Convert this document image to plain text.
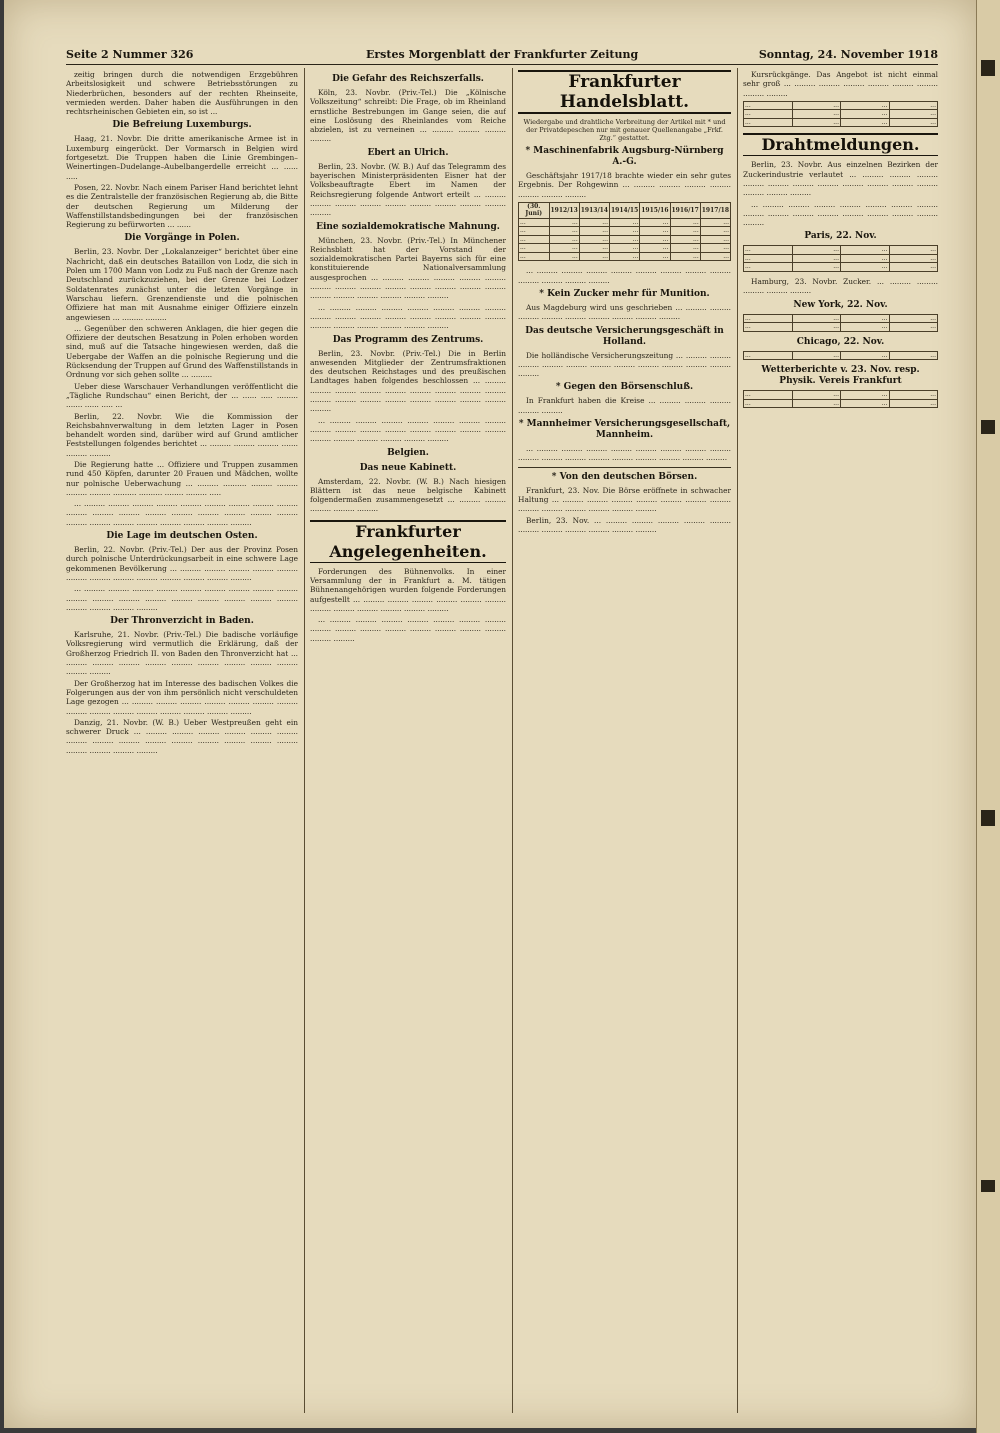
Seite 2 Nummer 326	Erstes Morgenblatt der Frankfurter Zeitung	Sonntag, 24. November 1918

zeitig bringen durch die notwendigen Erzgebühren Arbeitslosigkeit und schwere Betriebsstörungen zu Niederbrüchen, besonders auf der rechten Rheinseite, vermieden werden. Daher haben die Ausführungen in den rechtsrheinischen Gebieten ein, so ist ...

Die Befreiung Luxemburgs.

Haag, 21. Novbr. Die dritte amerikanische Armee ist in Luxemburg eingerückt. Der Vormarsch in Belgien wird fortgesetzt. Die Truppen haben die Linie Grembingen–Weinertingen–Dudelange–Aubelbangerdelle erreicht ... ...... .....

Posen, 22. Novbr. Nach einem Pariser Hand berichtet lehnt es die Zentralstelle der französischen Regierung ab, die Bitte der deutschen Regierung um Milderung der Waffenstillstandsbedingungen bei der französischen Regierung zu befürworten ... ......

Die Vorgänge in Polen.

Berlin, 23. Novbr. Der „Lokalanzeiger“ berichtet über eine Nachricht, daß ein deutsches Bataillon von Lodz, die sich in Polen um 1700 Mann von Lodz zu Fuß nach der Grenze nach Deutschland zurückzuziehen, bei der Grenze bei Lodzer Soldatenrates zunächst unter die letzten Vorgänge in Warschau liefern. Grenzendienste und die polnischen Offiziere hat man mit Ausnahme einiger Offiziere einzeln angewiesen ... ......... .........

... Gegenüber den schweren Anklagen, die hier gegen die Offiziere der deutschen Besatzung in Polen erhoben worden sind, muß auf die Tatsache hingewiesen werden, daß die Uebergabe der Waffen an die polnische Regierung und die Rücksendung der Truppen auf Grund des Waffenstillstands in Ordnung vor sich gehen sollte ... .........

Ueber diese Warschauer Verhandlungen veröffentlicht die „Tägliche Rundschau“ einen Bericht, der ... ...... ..... ......... ....... ...... ..... ...

Berlin, 22. Novbr. Wie die Kommission der Reichsbahnverwaltung in dem letzten Lager in Posen behandelt worden sind, darüber wird auf Grund amtlicher Feststellungen folgendes berichtet ... ......... ......... ......... ....... ......... .........

Die Regierung hatte ... Offiziere und Truppen zusammen rund 450 Köpfen, darunter 20 Frauen und Mädchen, wollte nur polnische Ueberwachung ... ......... .......... ......... ......... ......... ......... .......... .......... ........ ......... .....

... ......... ......... ......... ......... ......... ......... ......... ......... ......... ......... ......... ......... ......... ......... ......... ......... ......... ......... ......... ......... ......... ......... ......... ......... ......... .........

Die Lage im deutschen Osten.

Berlin, 22. Novbr. (Priv.-Tel.) Der aus der Provinz Posen durch polnische Unterdrückungsarbeit in eine schwere Lage gekommenen Bevölkerung ... ......... ......... ......... ......... ......... ......... ......... ......... ......... ......... ......... ......... .........

... ......... ......... ......... ......... ......... ......... ......... ......... ......... ......... ......... ......... ......... ......... ......... ......... ......... ......... ......... ......... ......... .........

Der Thronverzicht in Baden.

Karlsruhe, 21. Novbr. (Priv.-Tel.) Die badische vorläufige Volksregierung wird vermutlich die Erklärung, daß der Großherzog Friedrich II. von Baden den Thronverzicht hat ... ......... ......... ......... ......... ......... ......... ......... ......... ......... ......... .........

Der Großherzog hat im Interesse des badischen Volkes die Folgerungen aus der von ihm persönlich nicht verschuldeten Lage gezogen ... ......... ......... ......... ......... ......... ......... ......... ......... ......... ......... ......... ......... ......... ......... .........

Danzig, 21. Novbr. (W. B.) Ueber Westpreußen geht ein schwerer Druck ... ......... ......... ......... ......... ......... ......... ......... ......... ......... ......... ......... ......... ......... ......... ......... ......... ......... ......... .........

Die Gefahr des Reichszerfalls.

Köln, 23. Novbr. (Priv.-Tel.) Die „Kölnische Volkszeitung“ schreibt: Die Frage, ob im Rheinland ernstliche Bestrebungen im Gange seien, die auf eine Loslösung des Rheinlandes vom Reiche abzielen, ist zu verneinen ... ......... ......... ......... .........

Ebert an Ulrich.

Berlin, 23. Novbr. (W. B.) Auf das Telegramm des bayerischen Ministerpräsidenten Eisner hat der Volksbeauftragte Ebert im Namen der Reichsregierung folgende Antwort erteilt ... ......... ......... ......... ......... ......... ......... ......... ......... ......... .........

Eine sozialdemokratische Mahnung.

München, 23. Novbr. (Priv.-Tel.) In Münchener Reichsblatt hat der Vorstand der sozialdemokratischen Partei Bayerns sich für eine konstituierende Nationalversammlung ausgesprochen ... ......... ......... ......... ......... ......... ......... ......... ......... ......... ......... ......... ......... ......... ......... ......... ......... ......... ......... .........

... ......... ......... ......... ......... ......... ......... ......... ......... ......... ......... ......... ......... ......... ......... ......... ......... ......... ......... ......... ......... .........

Das Programm des Zentrums.

Berlin, 23. Novbr. (Priv.-Tel.) Die in Berlin anwesenden Mitglieder der Zentrumsfraktionen des deutschen Reichstages und des preußischen Landtages haben folgendes beschlossen ... ......... ......... ......... ......... ......... ......... ......... ......... ......... ......... ......... ......... ......... ......... ......... ......... ......... .........

... ......... ......... ......... ......... ......... ......... ......... ......... ......... ......... ......... ......... ......... ......... ......... ......... ......... ......... ......... ......... .........

Belgien.
Das neue Kabinett.

Amsterdam, 22. Novbr. (W. B.) Nach hiesigen Blättern ist das neue belgische Kabinett folgendermaßen zusammengesetzt ... ......... ......... ......... ......... .........

Frankfurter Angelegenheiten.

Forderungen des Bühnenvolks. In einer Versammlung der in Frankfurt a. M. tätigen Bühnenangehörigen wurden folgende Forderungen aufgestellt ... ......... ......... ......... ......... ......... ......... ......... ......... ......... ......... ......... .........

... ......... ......... ......... ......... ......... ......... ......... ......... ......... ......... ......... ......... ......... ......... ......... ......... .........

Frankfurter Handelsblatt.
Wiedergabe und drahtliche Verbreitung der Artikel mit * und der Privatdepeschen nur mit genauer Quellenangabe „Frkf. Ztg.“ gestattet.
* Maschinenfabrik Augsburg-Nürnberg A.-G.

Geschäftsjahr 1917/18 brachte wieder ein sehr gutes Ergebnis. Der Rohgewinn ... ......... ......... ......... ......... ......... ......... .........

(30. Juni)	1912/13	1913/14	1914/15	1915/16	1916/17	1917/18
...	...	...	...	...	...	...
...	...	...	...	...	...	...
...	...	...	...	...	...	...
...	...	...	...	...	...	...
...	...	...	...	...	...	...

... ......... ......... ......... ......... ......... ......... ......... ......... ......... ......... ......... .........

* Kein Zucker mehr für Munition.

Aus Magdeburg wird uns geschrieben ... ......... ......... ......... ......... ......... ......... ......... ......... .........

Das deutsche Versicherungsgeschäft in Holland.

Die holländische Versicherungszeitung ... ......... ......... ......... ......... ......... ......... ......... ......... ......... ......... ......... .........

* Gegen den Börsenschluß.

In Frankfurt haben die Kreise ... ......... ......... ......... ......... .........

* Mannheimer Versicherungsgesellschaft, Mannheim.

... ......... ......... ......... ......... ......... ......... ......... ......... ......... ......... ......... ......... ......... ......... ......... ......... .........

* Von den deutschen Börsen.

Frankfurt, 23. Nov. Die Börse eröffnete in schwacher Haltung ... ......... ......... ......... ......... ......... ......... ......... ......... ......... ......... ......... ......... .........

Berlin, 23. Nov. ... ......... ......... ......... ......... ......... ......... ......... ......... ......... ......... .........

Kursrückgänge. Das Angebot ist nicht einmal sehr groß ... ......... ......... ......... ......... ......... ......... ......... .........

...	...	...	...
...	...	...	...
...	...	...	...
Drahtmeldungen.

Berlin, 23. Novbr. Aus einzelnen Bezirken der Zuckerindustrie verlautet ... ......... ......... ......... ......... ......... ......... ......... ......... ......... ......... ......... ......... ......... .........

... ......... ......... ......... ......... ......... ......... ......... ......... ......... ......... ......... ......... ......... ......... ......... .........

Paris, 22. Nov.
...	...	...	...
...	...	...	...
...	...	...	...

Hamburg, 23. Novbr. Zucker. ... ......... ......... ......... ......... .........

New York, 22. Nov.
...	...	...	...
...	...	...	...
Chicago, 22. Nov.
...	...	...	...
Wetterberichte v. 23. Nov. resp. Physik. Vereis Frankfurt
...	...	...	...
...	...	...	...
